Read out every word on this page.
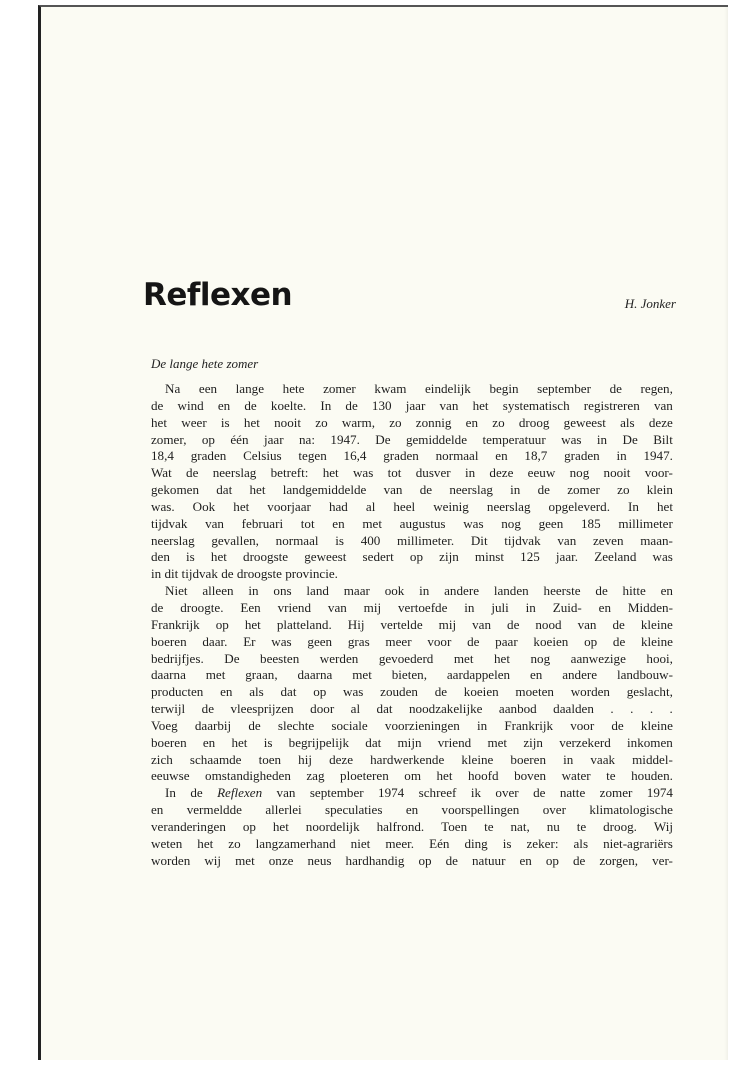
Reflexen	H. Jonker
De lange hete zomer
Na een lange hete zomer kwam eindelijk begin september de regen,
de wind en de koelte. In de 130 jaar van het systematisch registreren van
het weer is het nooit zo warm, zo zonnig en zo droog geweest als deze
zomer, op één jaar na: 1947. De gemiddelde temperatuur was in De Bilt
18,4 graden Celsius tegen 16,4 graden normaal en 18,7 graden in 1947.
Wat de neerslag betreft: het was tot dusver in deze eeuw nog nooit voor-
gekomen dat het landgemiddelde van de neerslag in de zomer zo klein
was. Ook het voorjaar had al heel weinig neerslag opgeleverd. In het
tijdvak van februari tot en met augustus was nog geen 185 millimeter
neerslag gevallen, normaal is 400 millimeter. Dit tijdvak van zeven maan-
den is het droogste geweest sedert op zijn minst 125 jaar. Zeeland was
in dit tijdvak de droogste provincie.
Niet alleen in ons land maar ook in andere landen heerste de hitte en
de droogte. Een vriend van mij vertoefde in juli in Zuid- en Midden-
Frankrijk op het platteland. Hij vertelde mij van de nood van de kleine
boeren daar. Er was geen gras meer voor de paar koeien op de kleine
bedrijfjes. De beesten werden gevoederd met het nog aanwezige hooi,
daarna met graan, daarna met bieten, aardappelen en andere landbouw-
producten en als dat op was zouden de koeien moeten worden geslacht,
terwijl de vleesprijzen door al dat noodzakelijke aanbod daalden . . . .
Voeg daarbij de slechte sociale voorzieningen in Frankrijk voor de kleine
boeren en het is begrijpelijk dat mijn vriend met zijn verzekerd inkomen
zich schaamde toen hij deze hardwerkende kleine boeren in vaak middel-
eeuwse omstandigheden zag ploeteren om het hoofd boven water te houden.
In de Reflexen van september 1974 schreef ik over de natte zomer 1974
en vermeldde allerlei speculaties en voorspellingen over klimatologische
veranderingen op het noordelijk halfrond. Toen te nat, nu te droog. Wij
weten het zo langzamerhand niet meer. Eén ding is zeker: als niet-agrariërs
worden wij met onze neus hardhandig op de natuur en op de zorgen, ver-
